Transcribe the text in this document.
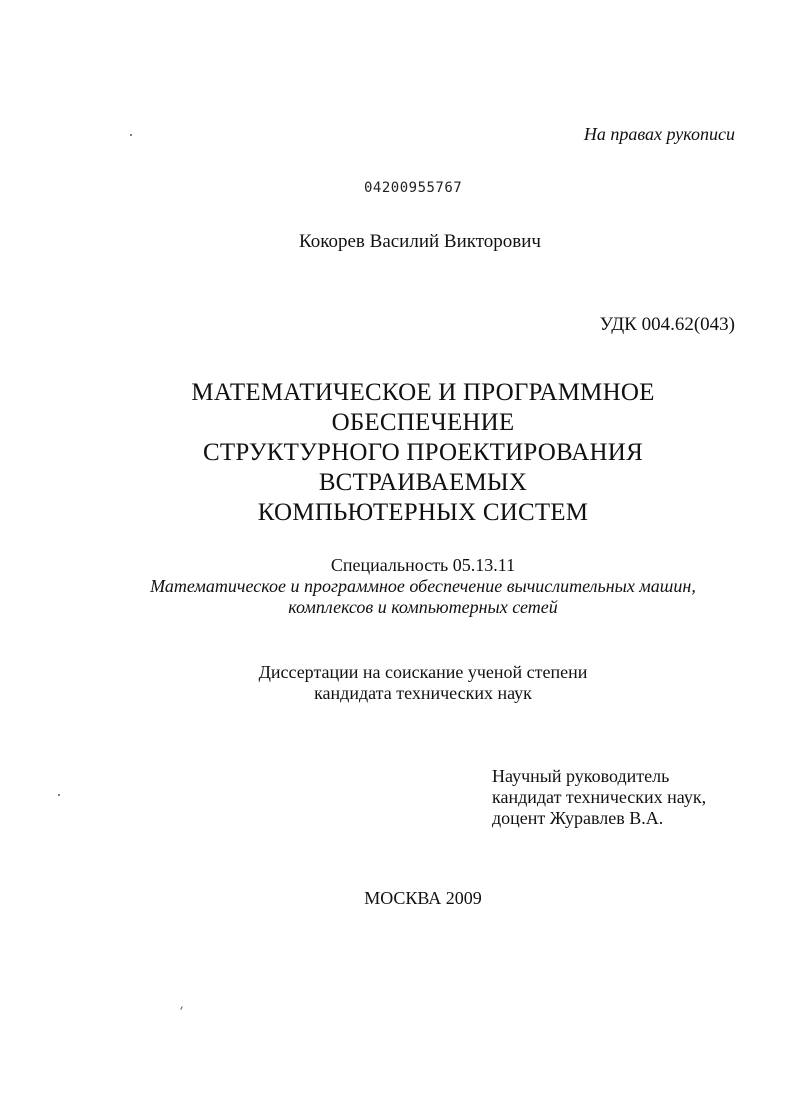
На правах рукописи
04200955767
Кокорев Василий Викторович
УДК 004.62(043)
МАТЕМАТИЧЕСКОЕ И ПРОГРАММНОЕ
ОБЕСПЕЧЕНИЕ
СТРУКТУРНОГО ПРОЕКТИРОВАНИЯ
ВСТРАИВАЕМЫХ
КОМПЬЮТЕРНЫХ СИСТЕМ
Специальность 05.13.11
Математическое и программное обеспечение вычислительных машин,
комплексов и компьютерных сетей
Диссертации на соискание ученой степени
кандидата технических наук
Научный руководитель
кандидат технических наук,
доцент Журавлев В.А.
МОСКВА 2009
